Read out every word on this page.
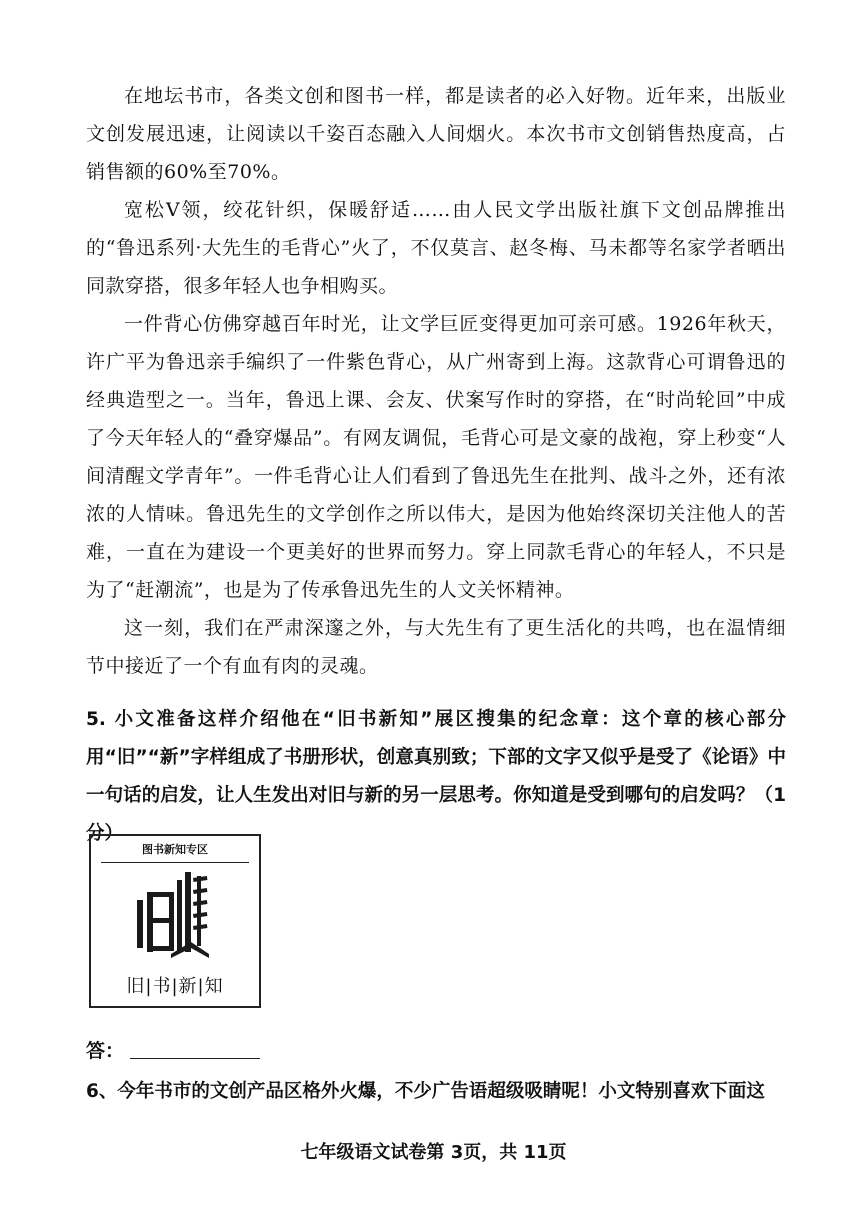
在地坛书市，各类文创和图书一样，都是读者的必入好物。近年来，出版业文创发展迅速，让阅读以千姿百态融入人间烟火。本次书市文创销售热度高，占销售额的60%至70%。
宽松V领，绞花针织，保暖舒适……由人民文学出版社旗下文创品牌推出的“鲁迅系列·大先生的毛背心”火了，不仅莫言、赵冬梅、马未都等名家学者晒出同款穿搭，很多年轻人也争相购买。
一件背心仿佛穿越百年时光，让文学巨匠变得更加可亲可感。1926年秋天，许广平为鲁迅亲手编织了一件紫色背心，从广州寄到上海。这款背心可谓鲁迅的经典造型之一。当年，鲁迅上课、会友、伏案写作时的穿搭，在“时尚轮回”中成了今天年轻人的“叠穿爆品”。有网友调侃，毛背心可是文豪的战袍，穿上秒变“人间清醒文学青年”。一件毛背心让人们看到了鲁迅先生在批判、战斗之外，还有浓浓的人情味。鲁迅先生的文学创作之所以伟大，是因为他始终深切关注他人的苦难，一直在为建设一个更美好的世界而努力。穿上同款毛背心的年轻人，不只是为了“赶潮流”，也是为了传承鲁迅先生的人文关怀精神。
这一刻，我们在严肃深邃之外，与大先生有了更生活化的共鸣，也在温情细节中接近了一个有血有肉的灵魂。
5. 小文准备这样介绍他在“旧书新知”展区搜集的纪念章：这个章的核心部分用“旧”“新”字样组成了书册形状，创意真别致；下部的文字又似乎是受了《论语》中一句话的启发，让人生发出对旧与新的另一层思考。你知道是受到哪句的启发吗？（1分）
图书新知专区
旧|书|新|知
答：
6、今年书市的文创产品区格外火爆，不少广告语超级吸睛呢！小文特别喜欢下面这
七年级语文试卷第 3页，共 11页
